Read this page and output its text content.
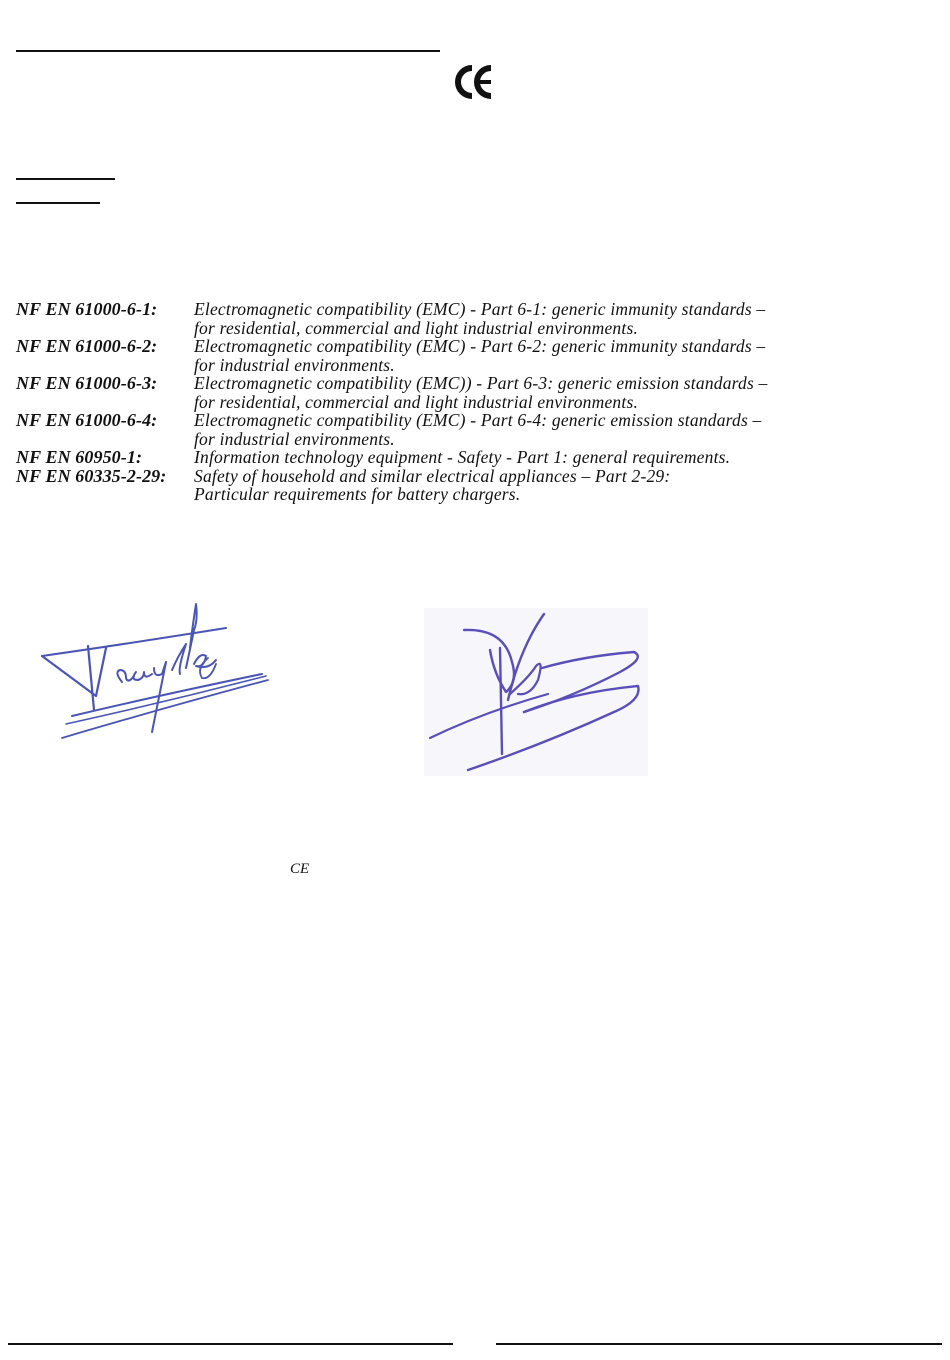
NF EN 61000-6-1:	Electromagnetic compatibility (EMC) - Part 6-1: generic immunity standards –
for residential, commercial and light industrial environments.
NF EN 61000-6-2:	Electromagnetic compatibility (EMC) - Part 6-2: generic immunity standards –
for industrial environments.
NF EN 61000-6-3:	Electromagnetic compatibility (EMC)) - Part 6-3: generic emission standards –
for residential, commercial and light industrial environments.
NF EN 61000-6-4:	Electromagnetic compatibility (EMC) - Part 6-4: generic emission standards –
for industrial environments.
NF EN 60950-1:	Information technology equipment - Safety - Part 1: general requirements.
NF EN 60335-2-29:	Safety of household and similar electrical appliances – Part 2-29:
Particular requirements for battery chargers.
CE
